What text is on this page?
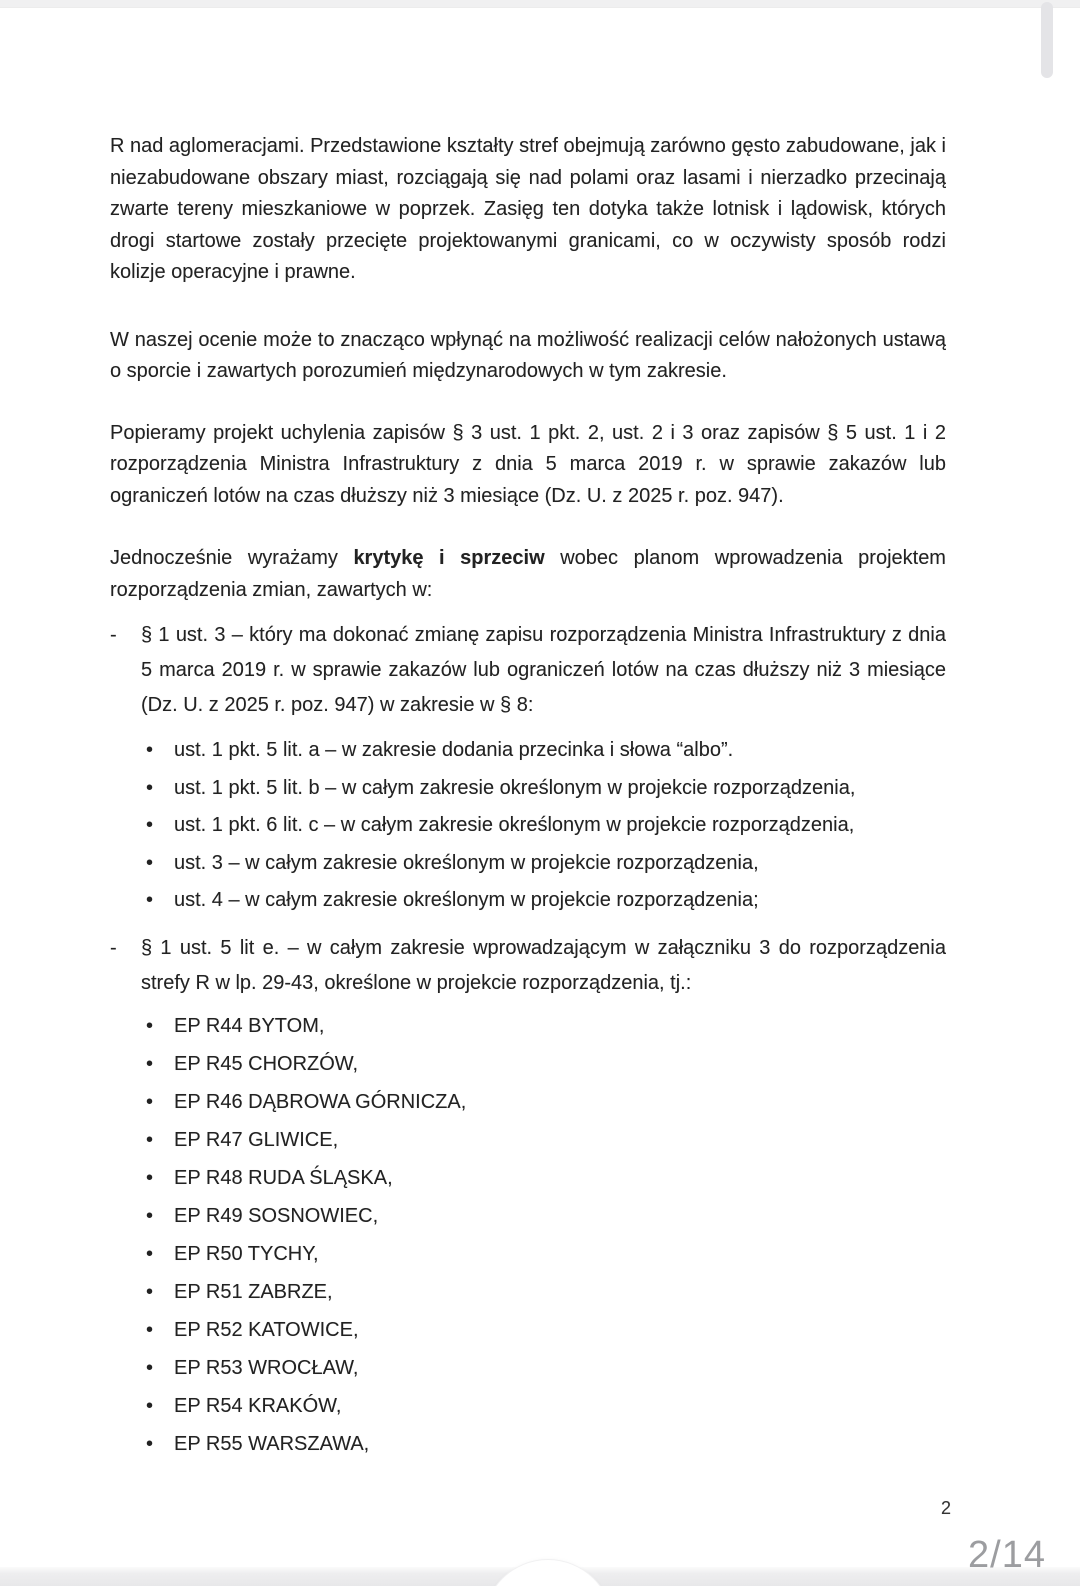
R nad aglomeracjami. Przedstawione kształty stref obejmują zarówno gęsto zabudowane, jak i niezabudowane obszary miast, rozciągają się nad polami oraz lasami i nierzadko przecinają zwarte tereny mieszkaniowe w poprzek. Zasięg ten dotyka także lotnisk i lądowisk, których drogi startowe zostały przecięte projektowanymi granicami, co w oczywisty sposób rodzi kolizje operacyjne i prawne.

W naszej ocenie może to znacząco wpłynąć na możliwość realizacji celów nałożonych ustawą o sporcie i zawartych porozumień międzynarodowych w tym zakresie.

Popieramy projekt uchylenia zapisów § 3 ust. 1 pkt. 2, ust. 2 i 3 oraz zapisów § 5 ust. 1 i 2 rozporządzenia Ministra Infrastruktury z dnia 5 marca 2019 r. w sprawie zakazów lub ograniczeń lotów na czas dłuższy niż 3 miesiące (Dz. U. z 2025 r. poz. 947).

Jednocześnie wyrażamy krytykę i sprzeciw wobec planom wprowadzenia projektem rozporządzenia zmian, zawartych w:

-	§ 1 ust. 3 – który ma dokonać zmianę zapisu rozporządzenia Ministra Infrastruktury z dnia 5 marca 2019 r. w sprawie zakazów lub ograniczeń lotów na czas dłuższy niż 3 miesiące (Dz. U. z 2025 r. poz. 947) w zakresie w § 8:
•	ust. 1 pkt. 5 lit. a – w zakresie dodania przecinka i słowa “albo”.
•	ust. 1 pkt. 5 lit. b – w całym zakresie określonym w projekcie rozporządzenia,
•	ust. 1 pkt. 6 lit. c – w całym zakresie określonym w projekcie rozporządzenia,
•	ust. 3 – w całym zakresie określonym w projekcie rozporządzenia,
•	ust. 4 – w całym zakresie określonym w projekcie rozporządzenia;
-	§ 1 ust. 5 lit e. – w całym zakresie wprowadzającym w załączniku 3 do rozporządzenia strefy R w lp. 29-43, określone w projekcie rozporządzenia, tj.:
•	EP R44 BYTOM,
•	EP R45 CHORZÓW,
•	EP R46 DĄBROWA GÓRNICZA,
•	EP R47 GLIWICE,
•	EP R48 RUDA ŚLĄSKA,
•	EP R49 SOSNOWIEC,
•	EP R50 TYCHY,
•	EP R51 ZABRZE,
•	EP R52 KATOWICE,
•	EP R53 WROCŁAW,
•	EP R54 KRAKÓW,
•	EP R55 WARSZAWA,
2
2/14
